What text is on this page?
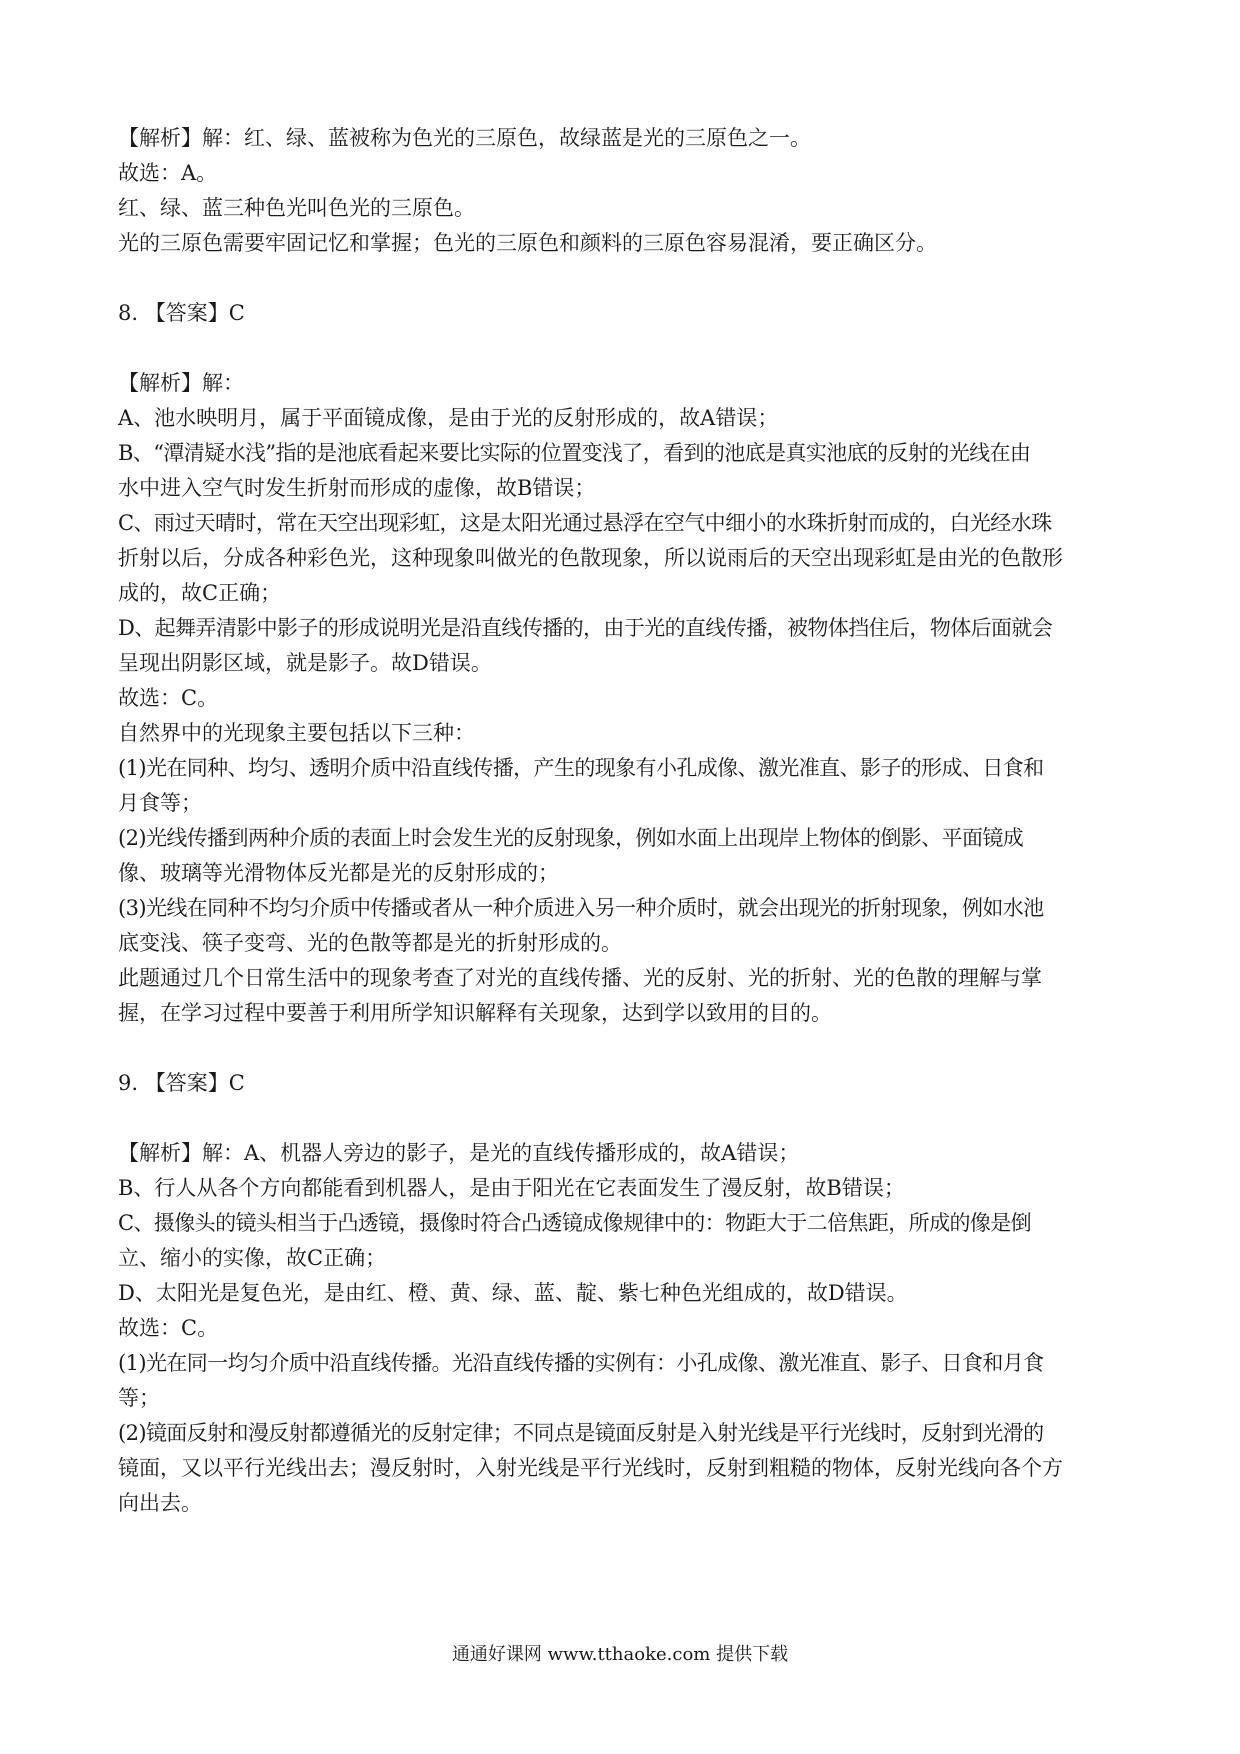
【解析】解：红、绿、蓝被称为色光的三原色，故绿蓝是光的三原色之一。
故选：A。
红、绿、蓝三种色光叫色光的三原色。
光的三原色需要牢固记忆和掌握；色光的三原色和颜料的三原色容易混淆，要正确区分。
8. 【答案】C
【解析】解：
A、池水映明月，属于平面镜成像，是由于光的反射形成的，故A错误；
B、“潭清疑水浅”指的是池底看起来要比实际的位置变浅了，看到的池底是真实池底的反射的光线在由
水中进入空气时发生折射而形成的虚像，故B错误；
C、雨过天晴时，常在天空出现彩虹，这是太阳光通过悬浮在空气中细小的水珠折射而成的，白光经水珠
折射以后，分成各种彩色光，这种现象叫做光的色散现象，所以说雨后的天空出现彩虹是由光的色散形
成的，故C正确；
D、起舞弄清影中影子的形成说明光是沿直线传播的，由于光的直线传播，被物体挡住后，物体后面就会
呈现出阴影区域，就是影子。故D错误。
故选：C。
自然界中的光现象主要包括以下三种：
(1)光在同种、均匀、透明介质中沿直线传播，产生的现象有小孔成像、激光准直、影子的形成、日食和
月食等；
(2)光线传播到两种介质的表面上时会发生光的反射现象，例如水面上出现岸上物体的倒影、平面镜成
像、玻璃等光滑物体反光都是光的反射形成的；
(3)光线在同种不均匀介质中传播或者从一种介质进入另一种介质时，就会出现光的折射现象，例如水池
底变浅、筷子变弯、光的色散等都是光的折射形成的。
此题通过几个日常生活中的现象考查了对光的直线传播、光的反射、光的折射、光的色散的理解与掌
握，在学习过程中要善于利用所学知识解释有关现象，达到学以致用的目的。
9. 【答案】C
【解析】解：A、机器人旁边的影子，是光的直线传播形成的，故A错误；
B、行人从各个方向都能看到机器人，是由于阳光在它表面发生了漫反射，故B错误；
C、摄像头的镜头相当于凸透镜，摄像时符合凸透镜成像规律中的：物距大于二倍焦距，所成的像是倒
立、缩小的实像，故C正确；
D、太阳光是复色光，是由红、橙、黄、绿、蓝、靛、紫七种色光组成的，故D错误。
故选：C。
(1)光在同一均匀介质中沿直线传播。光沿直线传播的实例有：小孔成像、激光准直、影子、日食和月食
等；
(2)镜面反射和漫反射都遵循光的反射定律；不同点是镜面反射是入射光线是平行光线时，反射到光滑的
镜面，又以平行光线出去；漫反射时，入射光线是平行光线时，反射到粗糙的物体，反射光线向各个方
向出去。
通通好课网 www.tthaoke.com 提供下载
